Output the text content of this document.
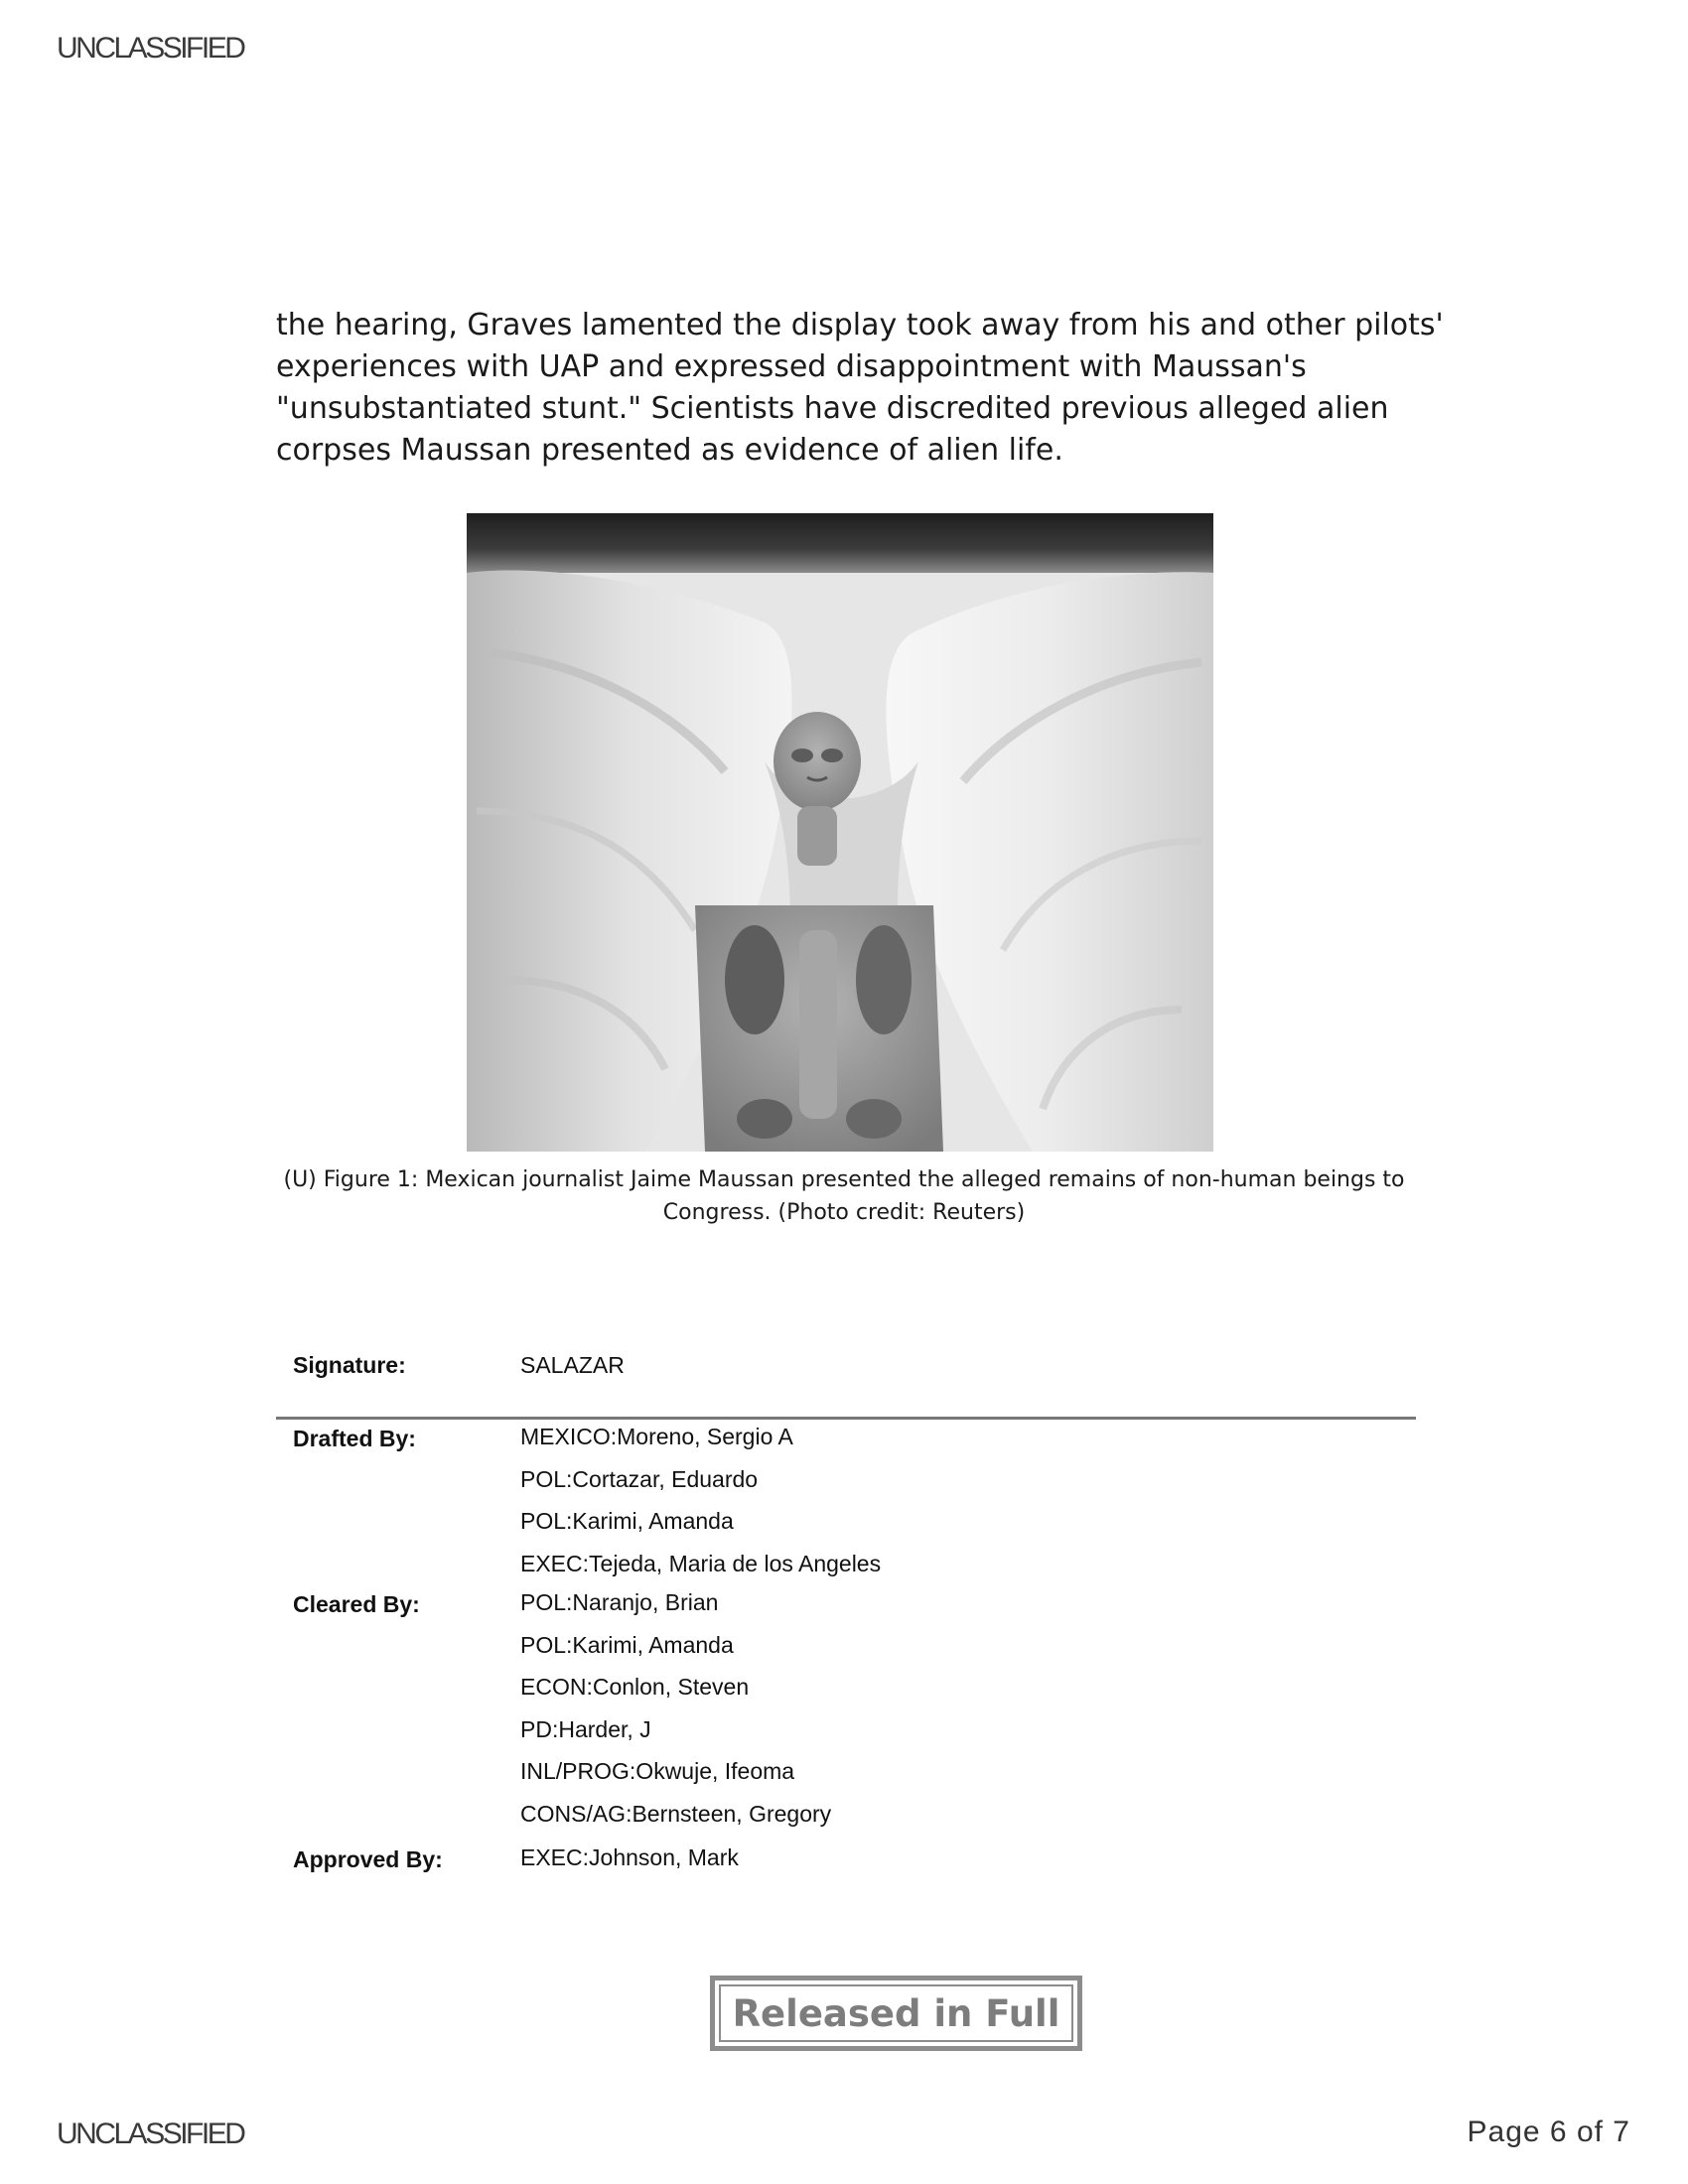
UNCLASSIFIED
the hearing, Graves lamented the display took away from his and other pilots'
experiences with UAP and expressed disappointment with Maussan's
"unsubstantiated stunt." Scientists have discredited previous alleged alien
corpses Maussan presented as evidence of alien life.
(U) Figure 1: Mexican journalist Jaime Maussan presented the alleged remains of non-human beings to
Congress. (Photo credit: Reuters)
Signature:	SALAZAR
Drafted By:	MEXICO:Moreno, Sergio A
POL:Cortazar, Eduardo
POL:Karimi, Amanda
EXEC:Tejeda, Maria de los Angeles
Cleared By:	POL:Naranjo, Brian
POL:Karimi, Amanda
ECON:Conlon, Steven
PD:Harder, J
INL/PROG:Okwuje, Ifeoma
CONS/AG:Bernsteen, Gregory
Approved By:	EXEC:Johnson, Mark
Released in Full
UNCLASSIFIED	Page 6 of 7
